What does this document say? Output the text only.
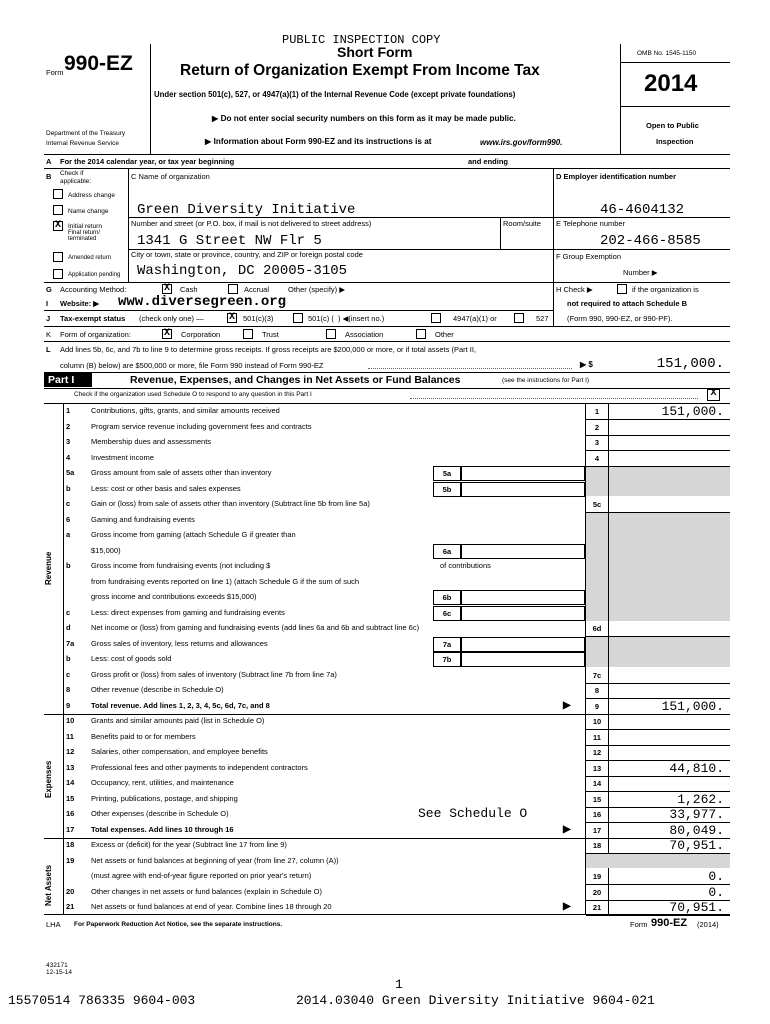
PUBLIC INSPECTION COPY
Form 990-EZ	Short Form
Return of Organization Exempt From Income Tax
Under section 501(c), 527, or 4947(a)(1) of the Internal Revenue Code (except private foundations)
▶ Do not enter social security numbers on this form as it may be made public.
▶ Information about Form 990-EZ and its instructions is at	www.irs.gov/form990.
Department of the Treasury
Internal Revenue Service
OMB No. 1545-1150
2014
Open to Public
Inspection
A For the 2014 calendar year, or tax year beginning	and ending
B Check if
applicable:
C Name of organization	D Employer identification number
Address change
Name change
X	Initial return
Final return/
terminated
Amended return
Application pending
Green Diversity Initiative
Number and street (or P.O. box, if mail is not delivered to street address)	Room/suite
1341 G Street NW Flr 5
City or town, state or province, country, and ZIP or foreign postal code
Washington, DC 20005-3105
46-4604132
E Telephone number
202-466-8585
F Group Exemption
Number ▶
G Accounting Method:	X Cash	Accrual	Other (specify) ▶	H Check ▶	if the organization is
not required to attach Schedule B
(Form 990, 990-EZ, or 990-PF).
I Website: ▶ www.diversegreen.org
J Tax-exempt status (check only one) —	X 501(c)(3)	501(c) ( ) ◀(insert no.)	4947(a)(1) or	527
K Form of organization:	X Corporation	Trust	Association	Other
L Add lines 5b, 6c, and 7b to line 9 to determine gross receipts. If gross receipts are $200,000 or more, or if total assets (Part II,
column (B) below) are $500,000 or more, file Form 990 instead of Form 990-EZ	▶ $	151,000.
Part I	Revenue, Expenses, and Changes in Net Assets or Fund Balances	(see the instructions for Part I)
Check if the organization used Schedule O to respond to any question in this Part I	X
Revenue
Expenses
Net Assets
1	Contributions, gifts, grants, and similar amounts received	1	151,000.
2	Program service revenue including government fees and contracts	2
3	Membership dues and assessments	3
4	Investment income	4
5a	Gross amount from sale of assets other than inventory	5a
b	Less: cost or other basis and sales expenses	5b
c	Gain or (loss) from sale of assets other than inventory (Subtract line 5b from line 5a)	5c
6	Gaming and fundraising events
a	Gross income from gaming (attach Schedule G if greater than
$15,000)	6a
b	Gross income from fundraising events (not including $	of contributions
from fundraising events reported on line 1) (attach Schedule G if the sum of such
gross income and contributions exceeds $15,000)	6b
c	Less: direct expenses from gaming and fundraising events	6c
d	Net income or (loss) from gaming and fundraising events (add lines 6a and 6b and subtract line 6c)	6d
7a	Gross sales of inventory, less returns and allowances	7a
b	Less: cost of goods sold	7b
c	Gross profit or (loss) from sales of inventory (Subtract line 7b from line 7a)	7c
8	Other revenue (describe in Schedule O)	8
9	Total revenue. Add lines 1, 2, 3, 4, 5c, 6d, 7c, and 8	9	151,000.
▶
10	Grants and similar amounts paid (list in Schedule O)	10
11	Benefits paid to or for members	11
12	Salaries, other compensation, and employee benefits	12
13	Professional fees and other payments to independent contractors	13	44,810.
14	Occupancy, rent, utilities, and maintenance	14
15	Printing, publications, postage, and shipping	15	1,262.
16	Other expenses (describe in Schedule O)	See Schedule O	16	33,977.
17	Total expenses. Add lines 10 through 16	17	80,049.
▶
18	Excess or (deficit) for the year (Subtract line 17 from line 9)	18	70,951.
19	Net assets or fund balances at beginning of year (from line 27, column (A))
(must agree with end-of-year figure reported on prior year's return)	19	0.
20	Other changes in net assets or fund balances (explain in Schedule O)	20	0.
21	Net assets or fund balances at end of year. Combine lines 18 through 20	21	70,951.
▶
LHA For Paperwork Reduction Act Notice, see the separate instructions.	Form 990-EZ (2014)
432171
12-15-14
1
15570514 786335 9604-003	2014.03040 Green Diversity Initiative 9604-021
